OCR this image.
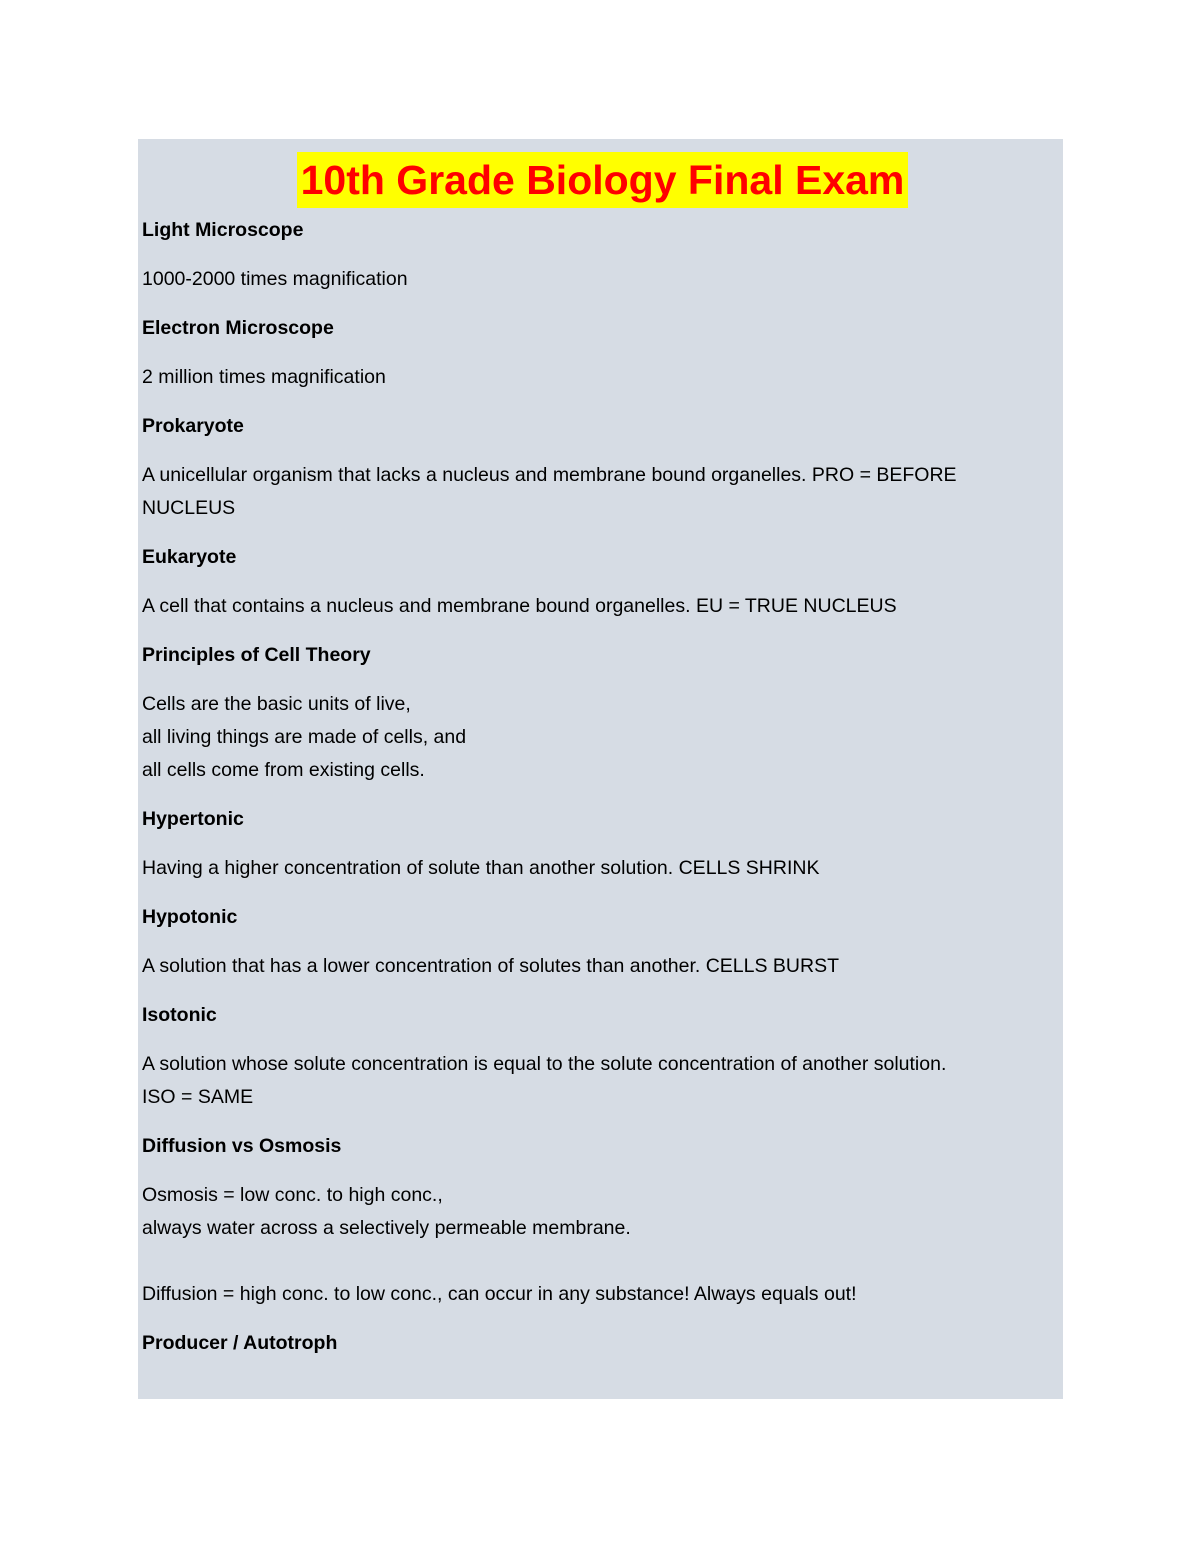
10th Grade Biology Final Exam
Light Microscope
1000-2000 times magnification
Electron Microscope
2 million times magnification
Prokaryote
A unicellular organism that lacks a nucleus and membrane bound organelles. PRO = BEFORE
NUCLEUS
Eukaryote
A cell that contains a nucleus and membrane bound organelles. EU = TRUE NUCLEUS
Principles of Cell Theory
Cells are the basic units of live,
all living things are made of cells, and
all cells come from existing cells.
Hypertonic
Having a higher concentration of solute than another solution. CELLS SHRINK
Hypotonic
A solution that has a lower concentration of solutes than another. CELLS BURST
Isotonic
A solution whose solute concentration is equal to the solute concentration of another solution.
ISO = SAME
Diffusion vs Osmosis
Osmosis = low conc. to high conc.,
always water across a selectively permeable membrane.
Diffusion = high conc. to low conc., can occur in any substance! Always equals out!
Producer / Autotroph
